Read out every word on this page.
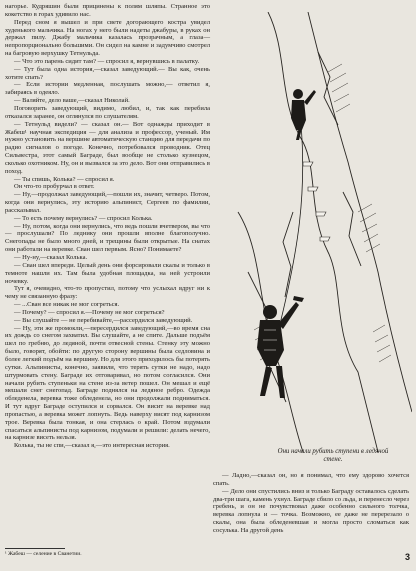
нагорье. Кудряшин были прицинены к полям шляпы. Странное это кокетство в горах удивило нас.

Перед сном я вышел и при свете догорающего костра увидел худенького мальчика. На ногах у него были надеты джабуры, в руках он держал пилу. Джабу мальчика казалась прозрачным, а глаза—непропорционально большими. Он сидел на камне и задумчиво смотрел на багровую верхушку Тетнульда.

— Что это парень сидит там? — спросил я, вернувшись в палатку.

— Тут была одна история,—сказал заведующий.— Вы как, очень хотите спать?

— Если истории медленная, послушать можно,— ответил я, забираясь в одеяло.

— Валяйте, дело ваше,—сказал Николай.

Поговорить заведующий, видимо, любил, и, так как перебила отказался заранее, он оглянулся по слушателям.

— Тетнульд видели? — сказал он.— Вот однажды приходит в Жабеш¹ научная экспедиция — для анализа и профессор, ученый. Им нужно установить на вершине автоматическую станцию для передачи по радио сигналов о погоде. Конечно, потребовался проводник. Отец Сильвестра, этот самый Баграде, был вообще не столько кузнецом, сколько охотником. Ну, он и вызвался за это дело. Вот они отправились в поход.

— Ты спишь, Колька? — спросил я.

Он что-то пробурчал в ответ.

— Ну,—продолжал заведующий,—пошли их, значит, четверо. Потом, когда они вернулись, эту историю альпинист, Сергеев по фамилии, рассказывал.

— То есть почему вернулись? — спросил Колька.

— Ну, потом, когда они вернулись, что ведь пошли вчетвером, вы что — прослушали? По леднику они прошли вполне благополучно. Снегопады не было много дней, и трещины были открытые. На снатах они работали на веревке. Сван шел первым. Ясно? Понимаете?

— Ну-ну,—сказал Колька.

— Сван шел впереди. Целый день они форсировали скалы и только в темноте нашли их. Там была удобная площадка, на ней устроили ночевку.

Тут я, очевидно, что-то пропустил, потому что услыхал вдруг ни к чему не связанную фразу:

— ...Сван все никак не мог согреться.

— Почему? — спросил я.—Почему не мог согреться?

— Вы слушайте — не перебивайте,—рассердился заведующий.

— Ну, эти же промокли,—пересердился заведующий,—во время сна их дождь со снегом захватил. Вы слушайте, а не спите. Дальше подъём шел по гребню, до ледяной, почти отвесной стены. Стенку эту можно было, говорят, обойти: по другую сторону вершины была седловина и более легкий подъём на вершину. Но для этого приходилось бы потерять сутки. Альпинисты, конечно, заявили, что терять сутки не надо, надо штурмовать стену. Баграде их отговаривал, но потом согласился. Они начали рубить ступеньки на стене из-за ветер пошел. Он мешал и ещё мешали снег снегопад. Баграде поднялся на ледяное ребро. Одежда обледенела, веревка тоже обледенела, но они продолжали подниматься. И тут вдруг Баграде оступился и сорвался. Он висит на веревке над пропастью, а веревка может лопнуть. Ведь наверху висят под карнизом трое. Веревка была тонкая, и она стерлась о край. Потом вздумали спасаться альпинисты под карнизом, подумали и решили: делать нечего, на карнизе висеть нельзя.

Колька, ты не спи,—сказал я,—это интересная история.

Они начали рубить ступени в ледяной стене.

— Ладно,—сказал он, но я понимал, что ему здорово хочется спать.

— Дело они спустились вниз и только Баграду оставалось сделать два-три шага, камень ухнул. Баграде сбило со льда, и перенесло через гребень, и он не почувствовал даже особенно сильного толчка, веревка лопнула и — точка. Возможно, ее даже не перерезало о скалы, она была обледеневшая и могла просто сломаться как сосулька. На другой день

¹ Жабеш — селение в Сванетии.	3
